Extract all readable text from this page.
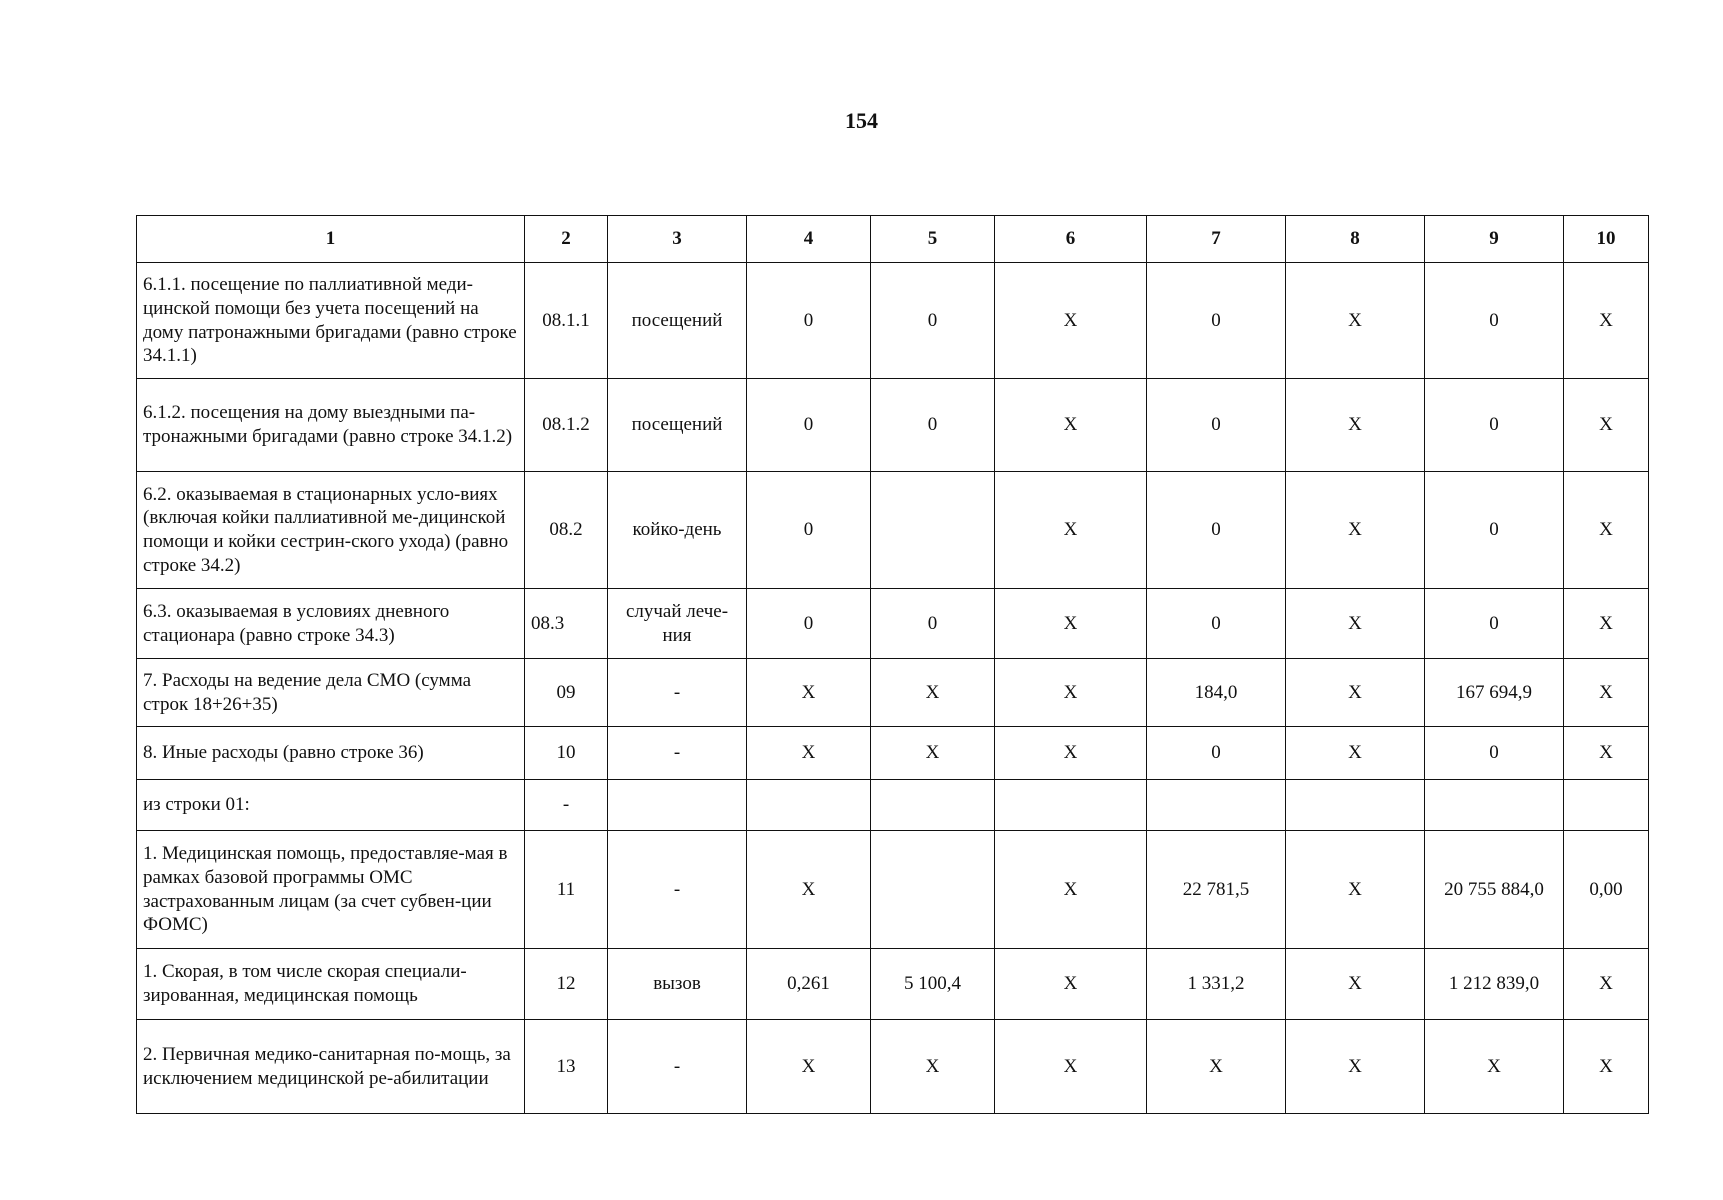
154
1	2	3	4	5	6	7	8	9	10
6.1.1. посещение по паллиативной меди-цинской помощи без учета посещений на дому патронажными бригадами (равно строке 34.1.1)	08.1.1	посещений	0	0	X	0	X	0	X
6.1.2. посещения на дому выездными па-тронажными бригадами (равно строке 34.1.2)	08.1.2	посещений	0	0	X	0	X	0	X
6.2. оказываемая в стационарных усло-виях (включая койки паллиативной ме-дицинской помощи и койки сестрин-ского ухода) (равно строке 34.2)	08.2	койко-день	0		X	0	X	0	X
6.3. оказываемая в условиях дневного стационара (равно строке 34.3)	08.3	случай лече-ния	0	0	X	0	X	0	X
7. Расходы на ведение дела СМО (сумма строк 18+26+35)	09	-	X	X	X	184,0	X	167 694,9	X
8. Иные расходы (равно строке 36)	10	-	X	X	X	0	X	0	X
из строки 01:	-								
1. Медицинская помощь, предоставляе-мая в рамках базовой программы ОМС застрахованным лицам (за счет субвен-ции ФОМС)	11	-	X		X	22 781,5	X	20 755 884,0	0,00
1. Скорая, в том числе скорая специали-зированная, медицинская помощь	12	вызов	0,261	5 100,4	X	1 331,2	X	1 212 839,0	X
2. Первичная медико-санитарная по-мощь, за исключением медицинской ре-абилитации	13	-	X	X	X	X	X	X	X
